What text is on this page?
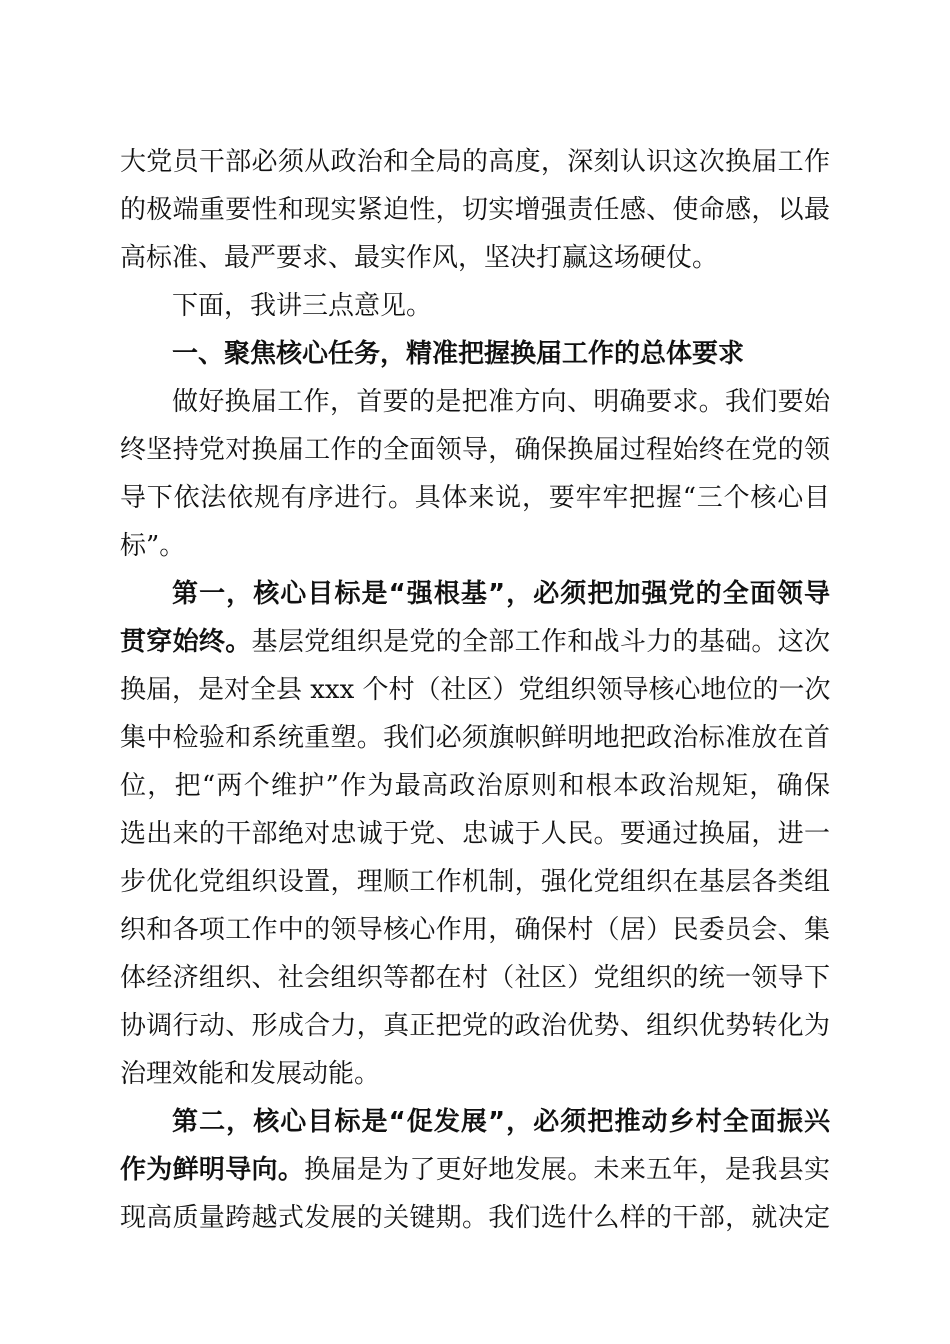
大党员干部必须从政治和全局的高度，深刻认识这次换届工作
的极端重要性和现实紧迫性，切实增强责任感、使命感，以最
高标准、最严要求、最实作风，坚决打赢这场硬仗。
下面，我讲三点意见。
一、聚焦核心任务，精准把握换届工作的总体要求
做好换届工作，首要的是把准方向、明确要求。我们要始
终坚持党对换届工作的全面领导，确保换届过程始终在党的领
导下依法依规有序进行。具体来说，要牢牢把握“三个核心目
标”。
第一，核心目标是“强根基”，必须把加强党的全面领导
贯穿始终。基层党组织是党的全部工作和战斗力的基础。这次
换届，是对全县 xxx 个村（社区）党组织领导核心地位的一次
集中检验和系统重塑。我们必须旗帜鲜明地把政治标准放在首
位，把“两个维护”作为最高政治原则和根本政治规矩，确保
选出来的干部绝对忠诚于党、忠诚于人民。要通过换届，进一
步优化党组织设置，理顺工作机制，强化党组织在基层各类组
织和各项工作中的领导核心作用，确保村（居）民委员会、集
体经济组织、社会组织等都在村（社区）党组织的统一领导下
协调行动、形成合力，真正把党的政治优势、组织优势转化为
治理效能和发展动能。
第二，核心目标是“促发展”，必须把推动乡村全面振兴
作为鲜明导向。换届是为了更好地发展。未来五年，是我县实
现高质量跨越式发展的关键期。我们选什么样的干部，就决定
